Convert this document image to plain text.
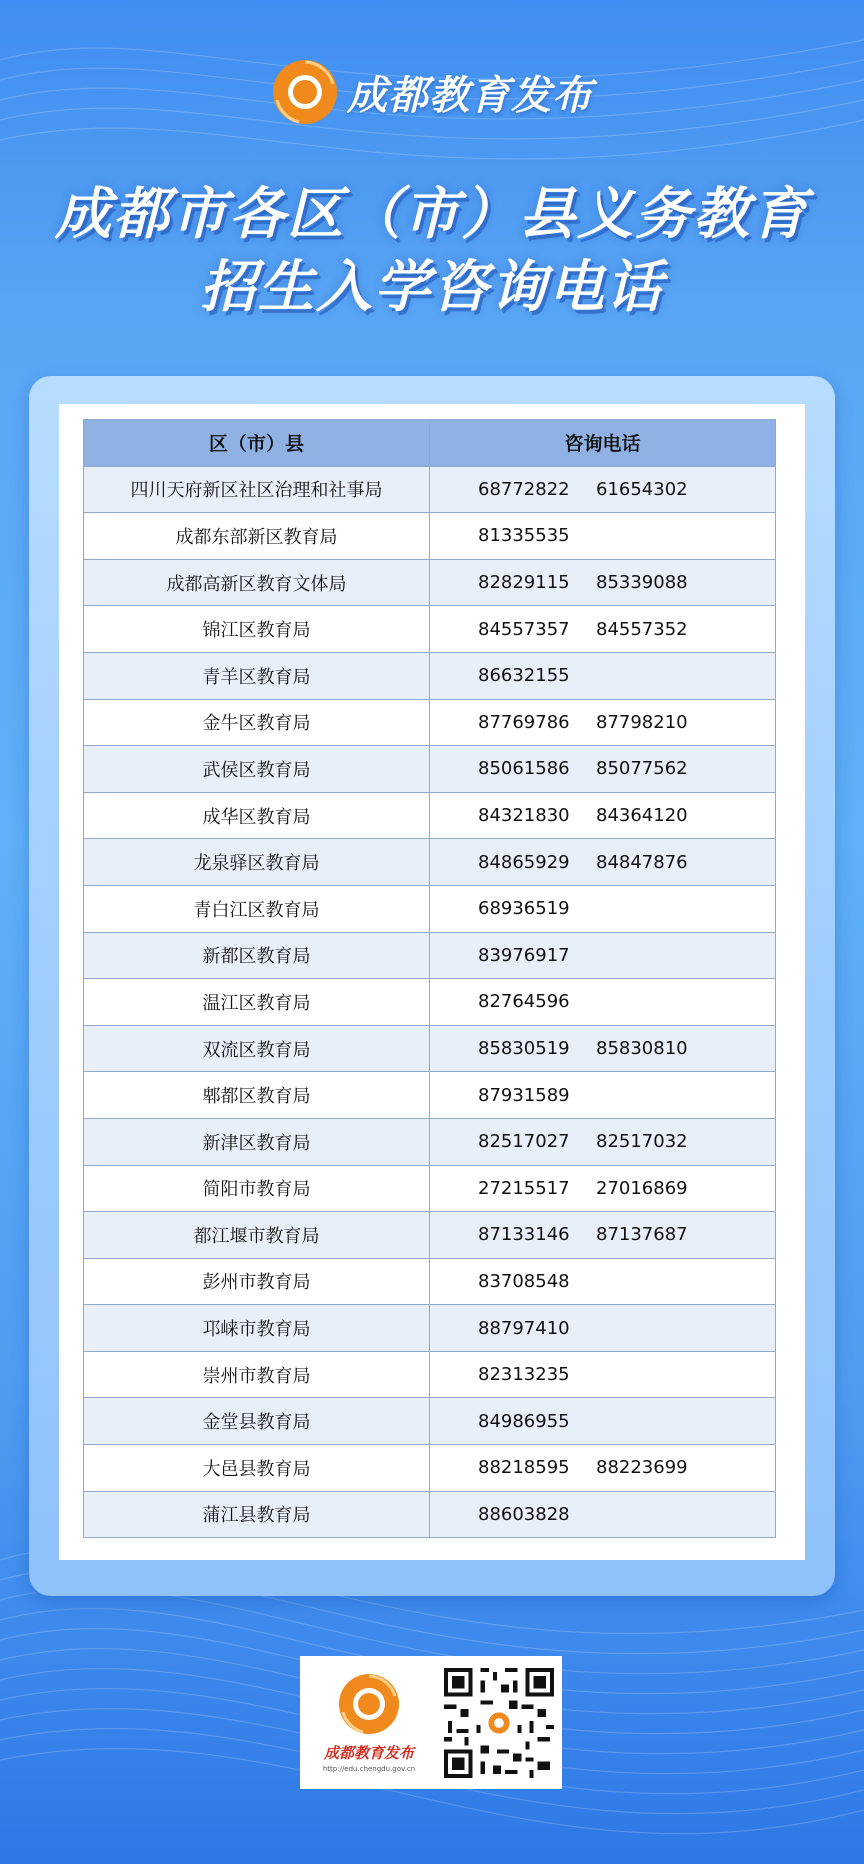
成都教育发布
成都市各区（市）县义务教育
招生入学咨询电话
区（市）县	咨询电话
四川天府新区社区治理和社事局	68772822 61654302
成都东部新区教育局	81335535
成都高新区教育文体局	82829115 85339088
锦江区教育局	84557357 84557352
青羊区教育局	86632155
金牛区教育局	87769786 87798210
武侯区教育局	85061586 85077562
成华区教育局	84321830 84364120
龙泉驿区教育局	84865929 84847876
青白江区教育局	68936519
新都区教育局	83976917
温江区教育局	82764596
双流区教育局	85830519 85830810
郫都区教育局	87931589
新津区教育局	82517027 82517032
简阳市教育局	27215517 27016869
都江堰市教育局	87133146 87137687
彭州市教育局	83708548
邛崃市教育局	88797410
崇州市教育局	82313235
金堂县教育局	84986955
大邑县教育局	88218595 88223699
蒲江县教育局	88603828
成都教育发布
http://edu.chengdu.gov.cn
